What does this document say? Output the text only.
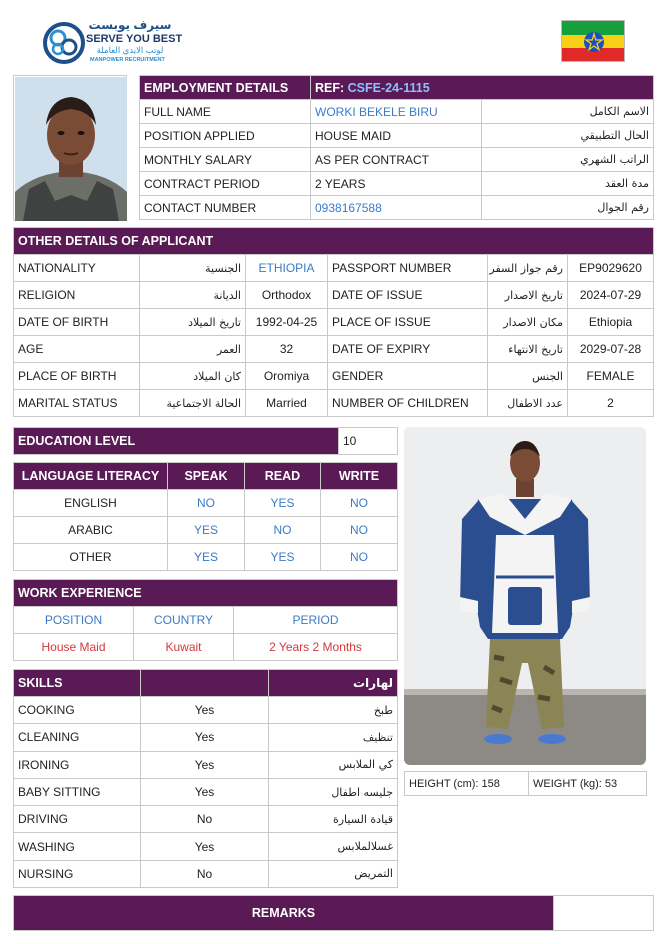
سيرف يوبست
SERVE YOU BEST
لوتب الايدي العاملة
MANPOWER RECRUITMENT
EMPLOYMENT DETAILS	REF: CSFE-24-1115	
FULL NAME	WORKI BEKELE BIRU	الاسم الكامل
POSITION APPLIED	HOUSE MAID	الحال التطبيقي
MONTHLY SALARY	AS PER CONTRACT	الراتب الشهري
CONTRACT PERIOD	2 YEARS	مدة العقد
CONTACT NUMBER	0938167588	رقم الجوال
OTHER DETAILS OF APPLICANT					
NATIONALITY	الجنسية	ETHIOPIA	PASSPORT NUMBER	رقم جواز السفر	EP9029620
RELIGION	الديانة	Orthodox	DATE OF ISSUE	تاريخ الاصدار	2024-07-29
DATE OF BIRTH	تاريخ الميلاد	1992-04-25	PLACE OF ISSUE	مكان الاصدار	Ethiopia
AGE	العمر	32	DATE OF EXPIRY	تاريخ الانتهاء	2029-07-28
PLACE OF BIRTH	كان الميلاد	Oromiya	GENDER	الجنس	FEMALE
MARITAL STATUS	الحالة الاجتماعية	Married	NUMBER OF CHILDREN	عدد الاطفال	2
EDUCATION LEVEL	10
LANGUAGE LITERACY	SPEAK	READ	WRITE
ENGLISH	NO	YES	NO
ARABIC	YES	NO	NO
OTHER	YES	YES	NO
WORK EXPERIENCE		
POSITION	COUNTRY	PERIOD
House Maid	Kuwait	2 Years 2 Months
SKILLS		لهارات
COOKING	Yes	طبخ
CLEANING	Yes	تنظيف
IRONING	Yes	كي الملابس
BABY SITTING	Yes	جليسه اطفال
DRIVING	No	قيادة السيارة
WASHING	Yes	غسلالملابس
NURSING	No	التمريض
HEIGHT (cm): 158	WEIGHT (kg): 53
REMARKS	
